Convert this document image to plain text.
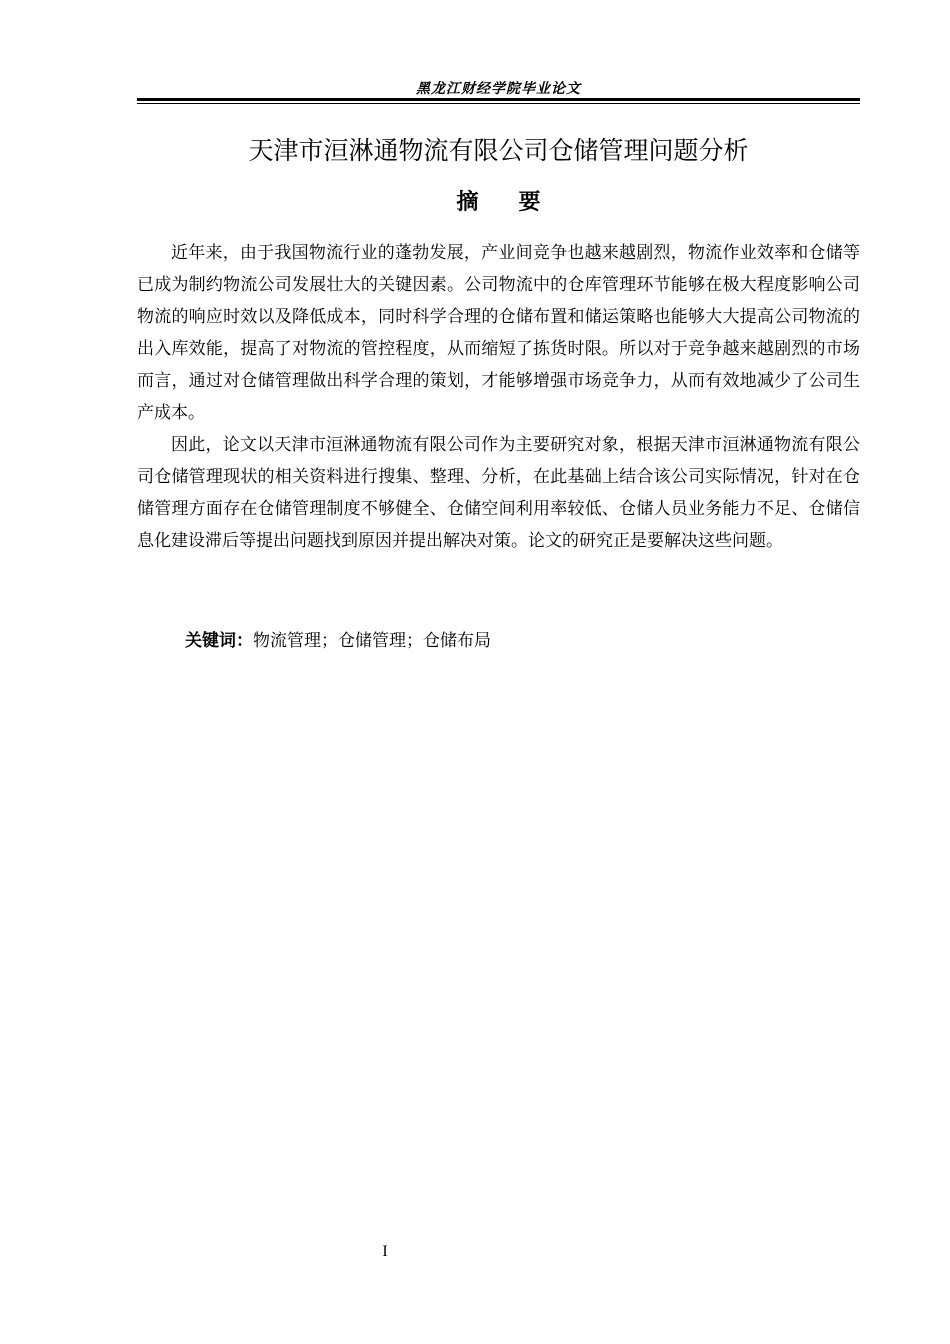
黑龙江财经学院毕业论文
天津市洹淋通物流有限公司仓储管理问题分析
摘要

近年来，由于我国物流行业的蓬勃发展，产业间竞争也越来越剧烈，物流作业效率和仓储等已成为制约物流公司发展壮大的关键因素。公司物流中的仓库管理环节能够在极大程度影响公司物流的响应时效以及降低成本，同时科学合理的仓储布置和储运策略也能够大大提高公司物流的出入库效能，提高了对物流的管控程度，从而缩短了拣货时限。所以对于竞争越来越剧烈的市场而言，通过对仓储管理做出科学合理的策划，才能够增强市场竞争力，从而有效地减少了公司生产成本。

因此，论文以天津市洹淋通物流有限公司作为主要研究对象，根据天津市洹淋通物流有限公司仓储管理现状的相关资料进行搜集、整理、分析，在此基础上结合该公司实际情况，针对在仓储管理方面存在仓储管理制度不够健全、仓储空间利用率较低、仓储人员业务能力不足、仓储信息化建设滞后等提出问题找到原因并提出解决对策。论文的研究正是要解决这些问题。

关键词：物流管理；仓储管理；仓储布局
I
